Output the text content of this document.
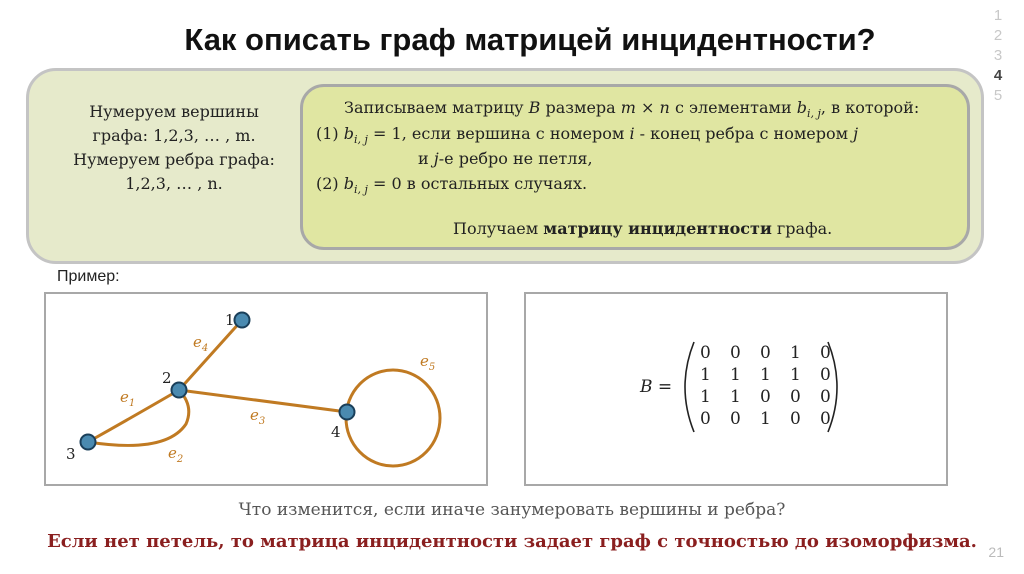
Как описать граф матрицей инцидентности?
1
2
3
4
5
Нумеруем вершины
графа: 1,2,3, … , m.
Нумеруем ребра графа:
1,2,3, … , n.
Записываем матрицу B размера m × n с элементами $b_{i, j}$, в которой:
(1) $b_{i, j} = 1$, если вершина с номером i - конец ребра с номером j
и j-е ребро не петля,
(2) $b_{i, j} = 0$ в остальных случаях.
Получаем матрицу инцидентности графа.
Пример:
1
2
3
4
$e_1$
$e_2$
$e_3$
$e_4$
$e_5$
B =
0 0 0 1 0
1 1 1 1 0
1 1 0 0 0
0 0 1 0 0
Что изменится, если иначе занумеровать вершины и ребра?
Если нет петель, то матрица инцидентности задает граф с точностью до изоморфизма. 21
